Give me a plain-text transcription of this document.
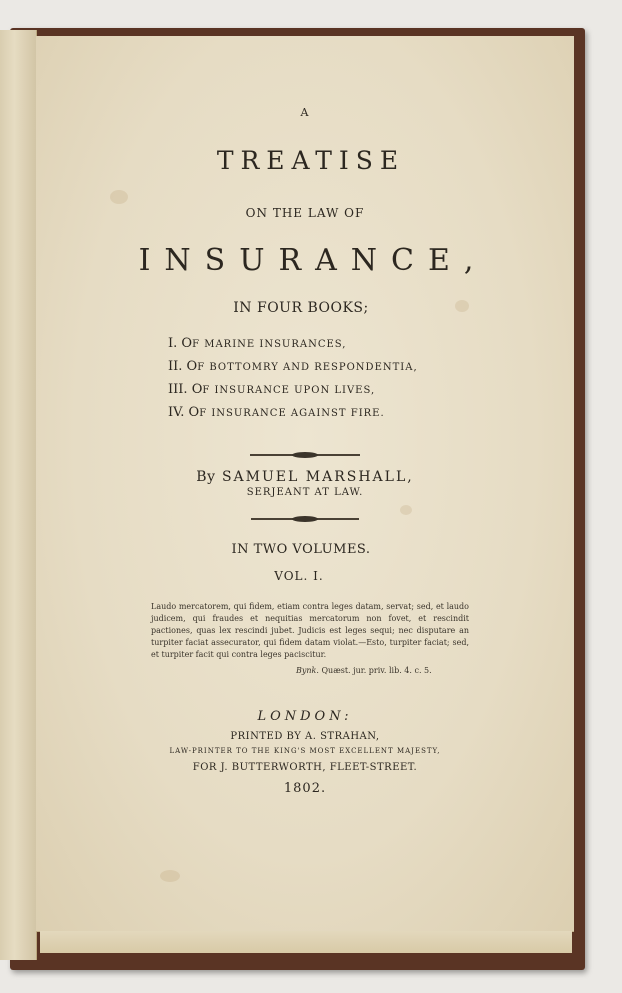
A
TREATISE
ON THE LAW OF
INSURANCE,
IN FOUR BOOKS;
I. OF MARINE INSURANCES,
II. OF BOTTOMRY AND RESPONDENTIA,
III. OF INSURANCE UPON LIVES,
IV. OF INSURANCE AGAINST FIRE.
By SAMUEL MARSHALL,
SERJEANT AT LAW.
IN TWO VOLUMES.
VOL. I.
Laudo mercatorem, qui fidem, etiam contra leges datam, servat; sed, et laudo judicem, qui fraudes et nequitias mercatorum non fovet, et rescindit pactiones, quas lex rescindi jubet. Judicis est leges sequi; nec disputare an turpiter faciat assecurator, qui fidem datam violat.—Esto, turpiter faciat; sed, et turpiter facit qui contra leges paciscitur.
Bynk. Quæst. jur. priv. lib. 4. c. 5.
LONDON:
PRINTED BY A. STRAHAN,
LAW-PRINTER TO THE KING'S MOST EXCELLENT MAJESTY,
FOR J. BUTTERWORTH, FLEET-STREET.
1802.
